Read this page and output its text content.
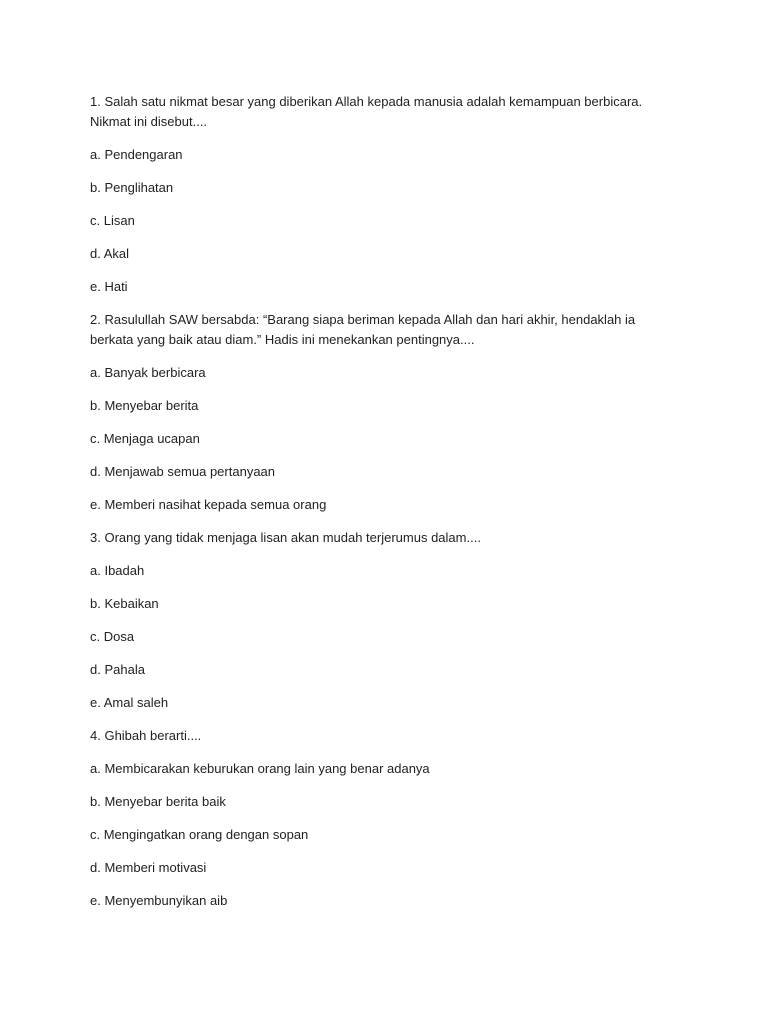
1. Salah satu nikmat besar yang diberikan Allah kepada manusia adalah kemampuan berbicara. Nikmat ini disebut....

a. Pendengaran

b. Penglihatan

c. Lisan

d. Akal

e. Hati

2. Rasulullah SAW bersabda: “Barang siapa beriman kepada Allah dan hari akhir, hendaklah ia berkata yang baik atau diam.” Hadis ini menekankan pentingnya....

a. Banyak berbicara

b. Menyebar berita

c. Menjaga ucapan

d. Menjawab semua pertanyaan

e. Memberi nasihat kepada semua orang

3. Orang yang tidak menjaga lisan akan mudah terjerumus dalam....

a. Ibadah

b. Kebaikan

c. Dosa

d. Pahala

e. Amal saleh

4. Ghibah berarti....

a. Membicarakan keburukan orang lain yang benar adanya

b. Menyebar berita baik

c. Mengingatkan orang dengan sopan

d. Memberi motivasi

e. Menyembunyikan aib
